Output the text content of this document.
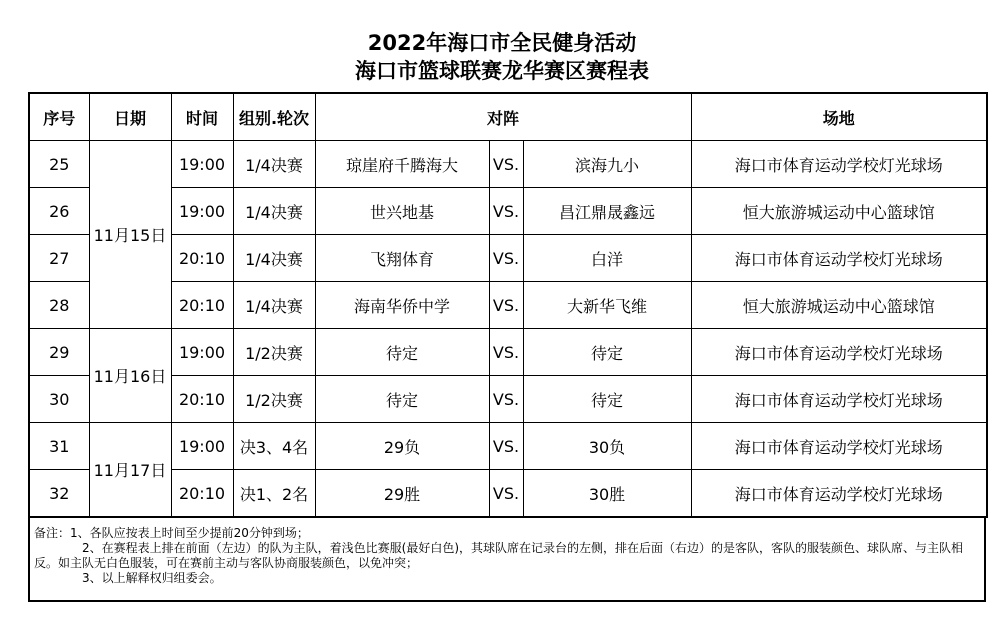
2022年海口市全民健身活动
海口市篮球联赛龙华赛区赛程表
序号	日期	时间	组别.轮次	对阵			场地
25	11月15日	19:00	1/4决赛	琼崖府千腾海大	VS.	滨海九小	海口市体育运动学校灯光球场
26		19:00	1/4决赛	世兴地基	VS.	昌江鼎晟鑫远	恒大旅游城运动中心篮球馆
27		20:10	1/4决赛	飞翔体育	VS.	白洋	海口市体育运动学校灯光球场
28		20:10	1/4决赛	海南华侨中学	VS.	大新华飞维	恒大旅游城运动中心篮球馆
29	11月16日	19:00	1/2决赛	待定	VS.	待定	海口市体育运动学校灯光球场
30		20:10	1/2决赛	待定	VS.	待定	海口市体育运动学校灯光球场
31	11月17日	19:00	决3、4名	29负	VS.	30负	海口市体育运动学校灯光球场
32		20:10	决1、2名	29胜	VS.	30胜	海口市体育运动学校灯光球场
备注：1、各队应按表上时间至少提前20分钟到场；
2、在赛程表上排在前面（左边）的队为主队，着浅色比赛服(最好白色)，其球队席在记录台的左侧，排在后面（右边）的是客队，客队的服装颜色、球队席、与主队相反。如主队无白色服装，可在赛前主动与客队协商服装颜色，以免冲突；
3、以上解释权归组委会。
